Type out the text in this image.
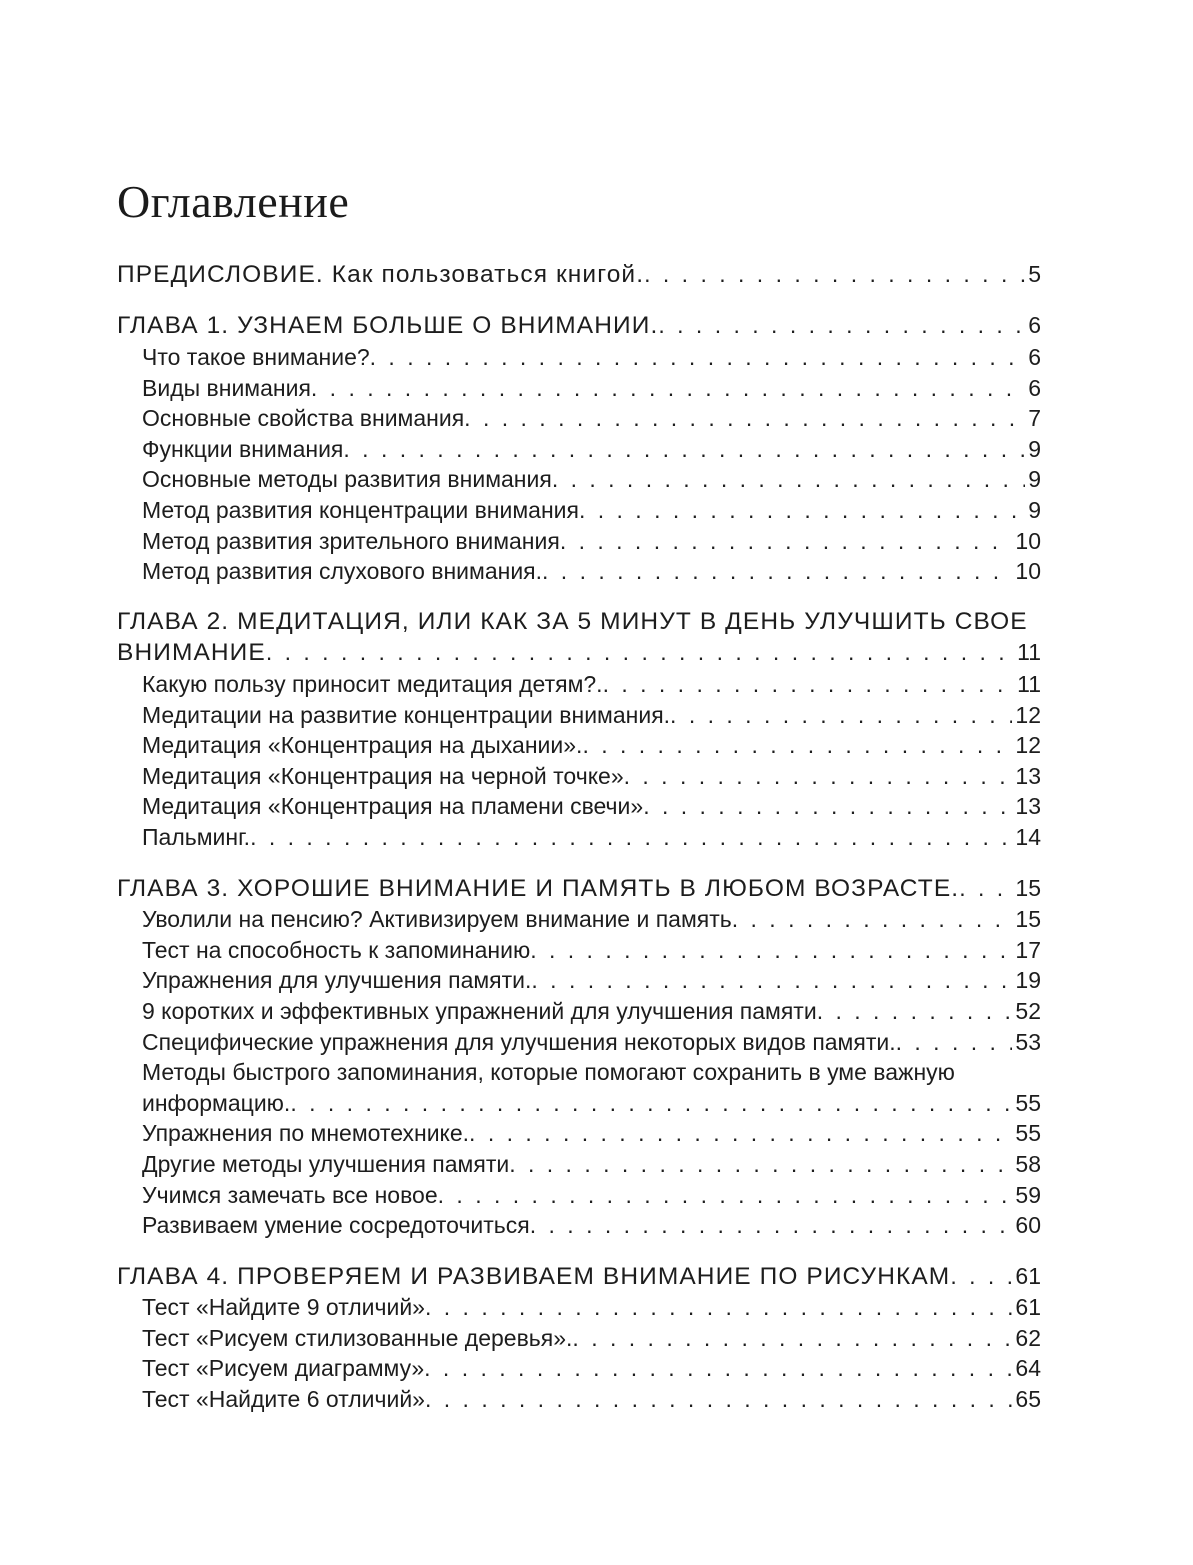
Оглавление
ПРЕДИСЛОВИЕ. Как пользоваться книгой. . . .	5
ГЛАВА 1. УЗНАЕМ БОЛЬШЕ О ВНИМАНИИ. . . .	6
Что такое внимание? . . .	6
Виды внимания . . .	6
Основные свойства внимания . . .	7
Функции внимания . . .	9
Основные методы развития внимания . . .	9
Метод развития концентрации внимания . . .	9
Метод развития зрительного внимания . . .	10
Метод развития слухового внимания. . . .	10
ГЛАВА 2. МЕДИТАЦИЯ, ИЛИ КАК ЗА 5 МИНУТ В ДЕНЬ УЛУЧШИТЬ СВОЕ
ВНИМАНИЕ . . .	11
Какую пользу приносит медитация детям?. . . .	11
Медитации на развитие концентрации внимания. . . .	12
Медитация «Концентрация на дыхании». . . .	12
Медитация «Концентрация на черной точке» . . .	13
Медитация «Концентрация на пламени свечи» . . .	13
Пальминг. . . .	14
ГЛАВА 3. ХОРОШИЕ ВНИМАНИЕ И ПАМЯТЬ В ЛЮБОМ ВОЗРАСТЕ. . . . 15
Уволили на пенсию? Активизируем внимание и память . . .	15
Тест на способность к запоминанию . . .	17
Упражнения для улучшения памяти. . . .	19
9 коротких и эффективных упражнений для улучшения памяти . . .	52
Специфические упражнения для улучшения некоторых видов памяти. . . .	53
Методы быстрого запоминания, которые помогают сохранить в уме важную
информацию. . . .	55
Упражнения по мнемотехнике. . . .	55
Другие методы улучшения памяти . . .	58
Учимся замечать все новое . . .	59
Развиваем умение сосредоточиться . . .	60
ГЛАВА 4. ПРОВЕРЯЕМ И РАЗВИВАЕМ ВНИМАНИЕ ПО РИСУНКАМ . . .	61
Тест «Найдите 9 отличий» . . .	61
Тест «Рисуем стилизованные деревья». . . .	62
Тест «Рисуем диаграмму» . . .	64
Тест «Найдите 6 отличий» . . .	65
